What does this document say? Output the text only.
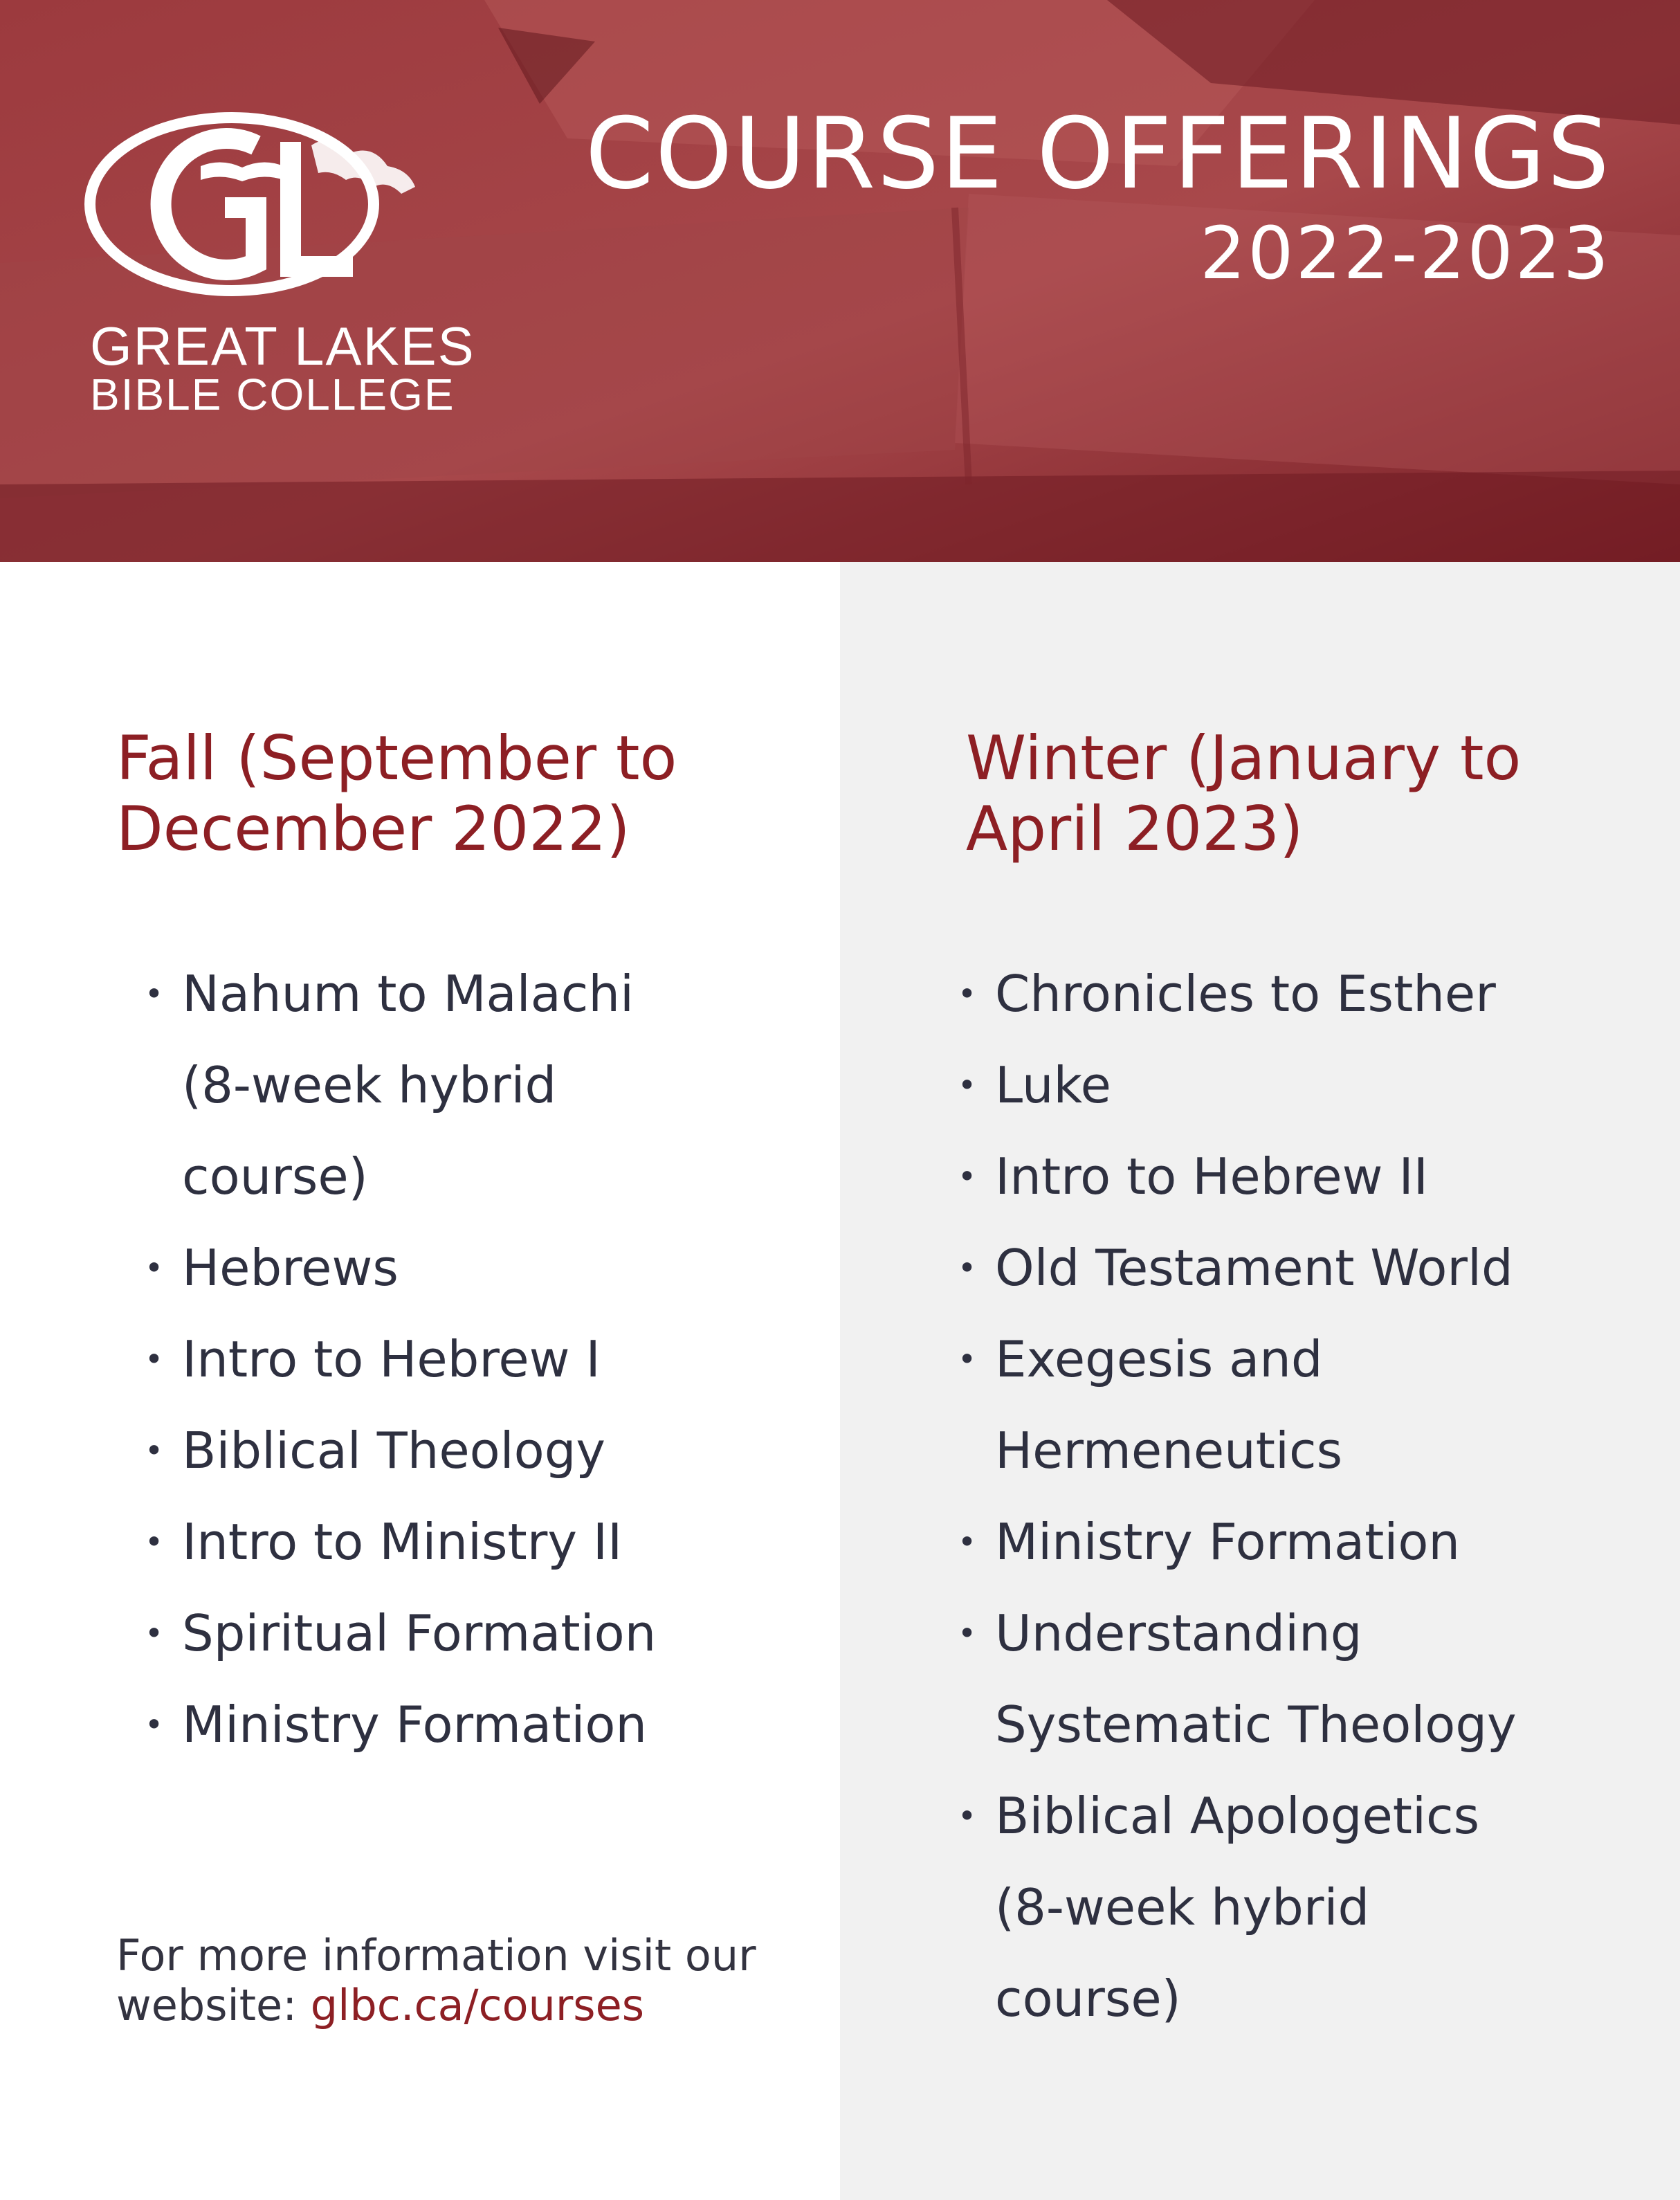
GREAT LAKES
BIBLE COLLEGE
COURSE OFFERINGS
2022-2023
Fall (September to
December 2022)
• Nahum to Malachi
(8-week hybrid
course)
• Hebrews
• Intro to Hebrew I
• Biblical Theology
• Intro to Ministry II
• Spiritual Formation
• Ministry Formation
Winter (January to
April 2023)
• Chronicles to Esther
• Luke
• Intro to Hebrew II
• Old Testament World
• Exegesis and
Hermeneutics
• Ministry Formation
• Understanding
Systematic Theology
• Biblical Apologetics
(8-week hybrid
course)
For more information visit our
website: glbc.ca/courses
